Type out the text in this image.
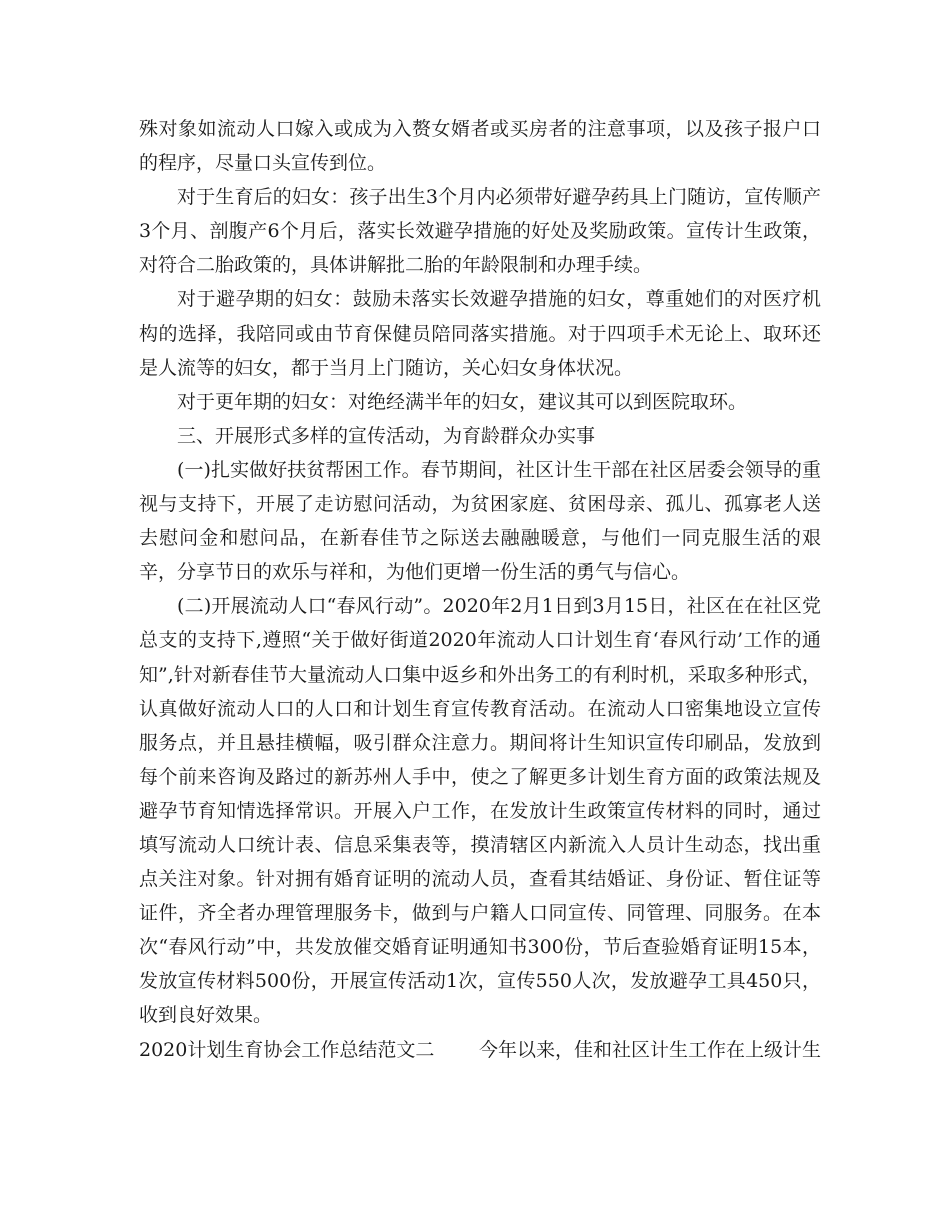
殊对象如流动人口嫁入或成为入赘女婿者或买房者的注意事项，以及孩子报户口的程序，尽量口头宣传到位。

对于生育后的妇女：孩子出生3个月内必须带好避孕药具上门随访，宣传顺产3个月、剖腹产6个月后，落实长效避孕措施的好处及奖励政策。宣传计生政策，对符合二胎政策的，具体讲解批二胎的年龄限制和办理手续。

对于避孕期的妇女：鼓励未落实长效避孕措施的妇女，尊重她们的对医疗机构的选择，我陪同或由节育保健员陪同落实措施。对于四项手术无论上、取环还是人流等的妇女，都于当月上门随访，关心妇女身体状况。

对于更年期的妇女：对绝经满半年的妇女，建议其可以到医院取环。

三、开展形式多样的宣传活动，为育龄群众办实事

(一)扎实做好扶贫帮困工作。春节期间，社区计生干部在社区居委会领导的重视与支持下，开展了走访慰问活动，为贫困家庭、贫困母亲、孤儿、孤寡老人送去慰问金和慰问品，在新春佳节之际送去融融暖意，与他们一同克服生活的艰辛，分享节日的欢乐与祥和，为他们更增一份生活的勇气与信心。

(二)开展流动人口“春风行动”。2020年2月1日到3月15日，社区在在社区党总支的支持下,遵照“关于做好街道2020年流动人口计划生育‘春风行动’工作的通知”,针对新春佳节大量流动人口集中返乡和外出务工的有利时机，采取多种形式，认真做好流动人口的人口和计划生育宣传教育活动。在流动人口密集地设立宣传服务点，并且悬挂横幅，吸引群众注意力。期间将计生知识宣传印刷品，发放到每个前来咨询及路过的新苏州人手中，使之了解更多计划生育方面的政策法规及避孕节育知情选择常识。开展入户工作，在发放计生政策宣传材料的同时，通过填写流动人口统计表、信息采集表等，摸清辖区内新流入人员计生动态，找出重点关注对象。针对拥有婚育证明的流动人员，查看其结婚证、身份证、暂住证等证件，齐全者办理管理服务卡，做到与户籍人口同宣传、同管理、同服务。在本次“春风行动”中，共发放催交婚育证明通知书300份，节后查验婚育证明15本，发放宣传材料500份，开展宣传活动1次，宣传550人次，发放避孕工具450只，收到良好效果。

2020计划生育协会工作总结范文二 今年以来，佳和社区计生工作在上级计生
